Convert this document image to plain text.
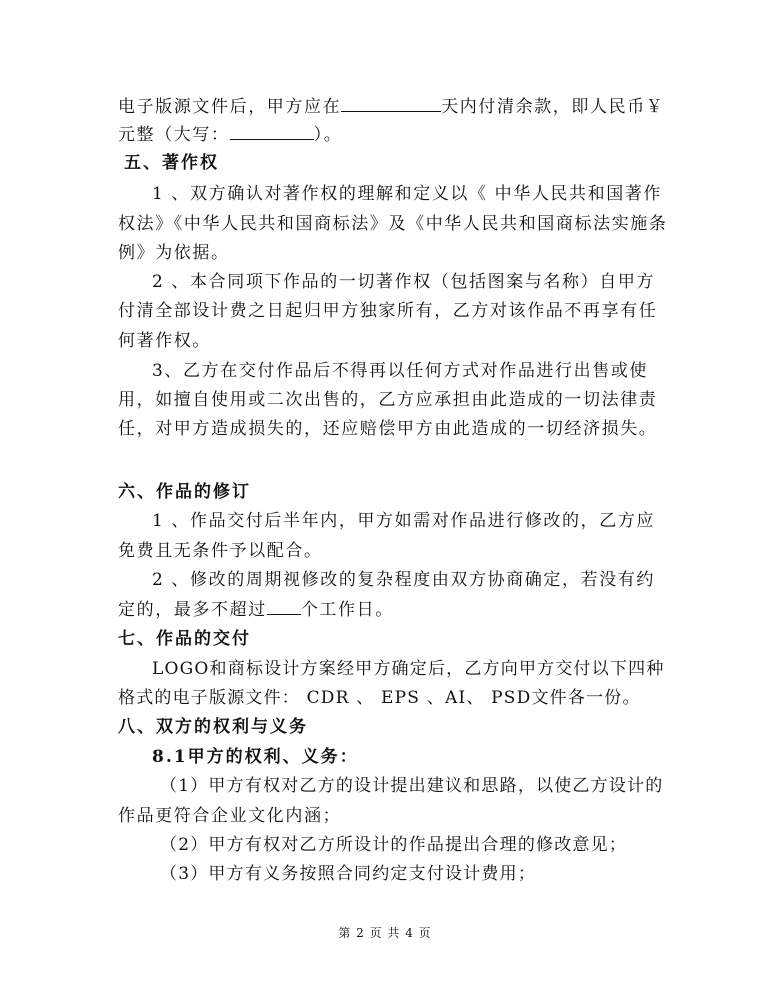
电子版源文件后，甲方应在	天内付清余款，即人民币￥
元整（大写：	）。
五、著作权
1 、双方确认对著作权的理解和定义以《 中华人民共和国著作
权法》《中华人民共和国商标法》及《中华人民共和国商标法实施条
例》为依据。
2 、本合同项下作品的一切著作权（包括图案与名称）自甲方
付清全部设计费之日起归甲方独家所有，乙方对该作品不再享有任
何著作权。
3、乙方在交付作品后不得再以任何方式对作品进行出售或使
用，如擅自使用或二次出售的，乙方应承担由此造成的一切法律责
任，对甲方造成损失的，还应赔偿甲方由此造成的一切经济损失。
六、作品的修订
1 、作品交付后半年内，甲方如需对作品进行修改的，乙方应
免费且无条件予以配合。
2 、修改的周期视修改的复杂程度由双方协商确定，若没有约
定的，最多不超过 个工作日。
七、作品的交付
LOGO和商标设计方案经甲方确定后，乙方向甲方交付以下四种
格式的电子版源文件： CDR 、 EPS 、AI、 PSD文件各一份。
八、双方的权利与义务
8.1甲方的权利、义务：
（1）甲方有权对乙方的设计提出建议和思路，以使乙方设计的
作品更符合企业文化内涵；
（2）甲方有权对乙方所设计的作品提出合理的修改意见；
（3）甲方有义务按照合同约定支付设计费用；
第 2 页 共 4 页
